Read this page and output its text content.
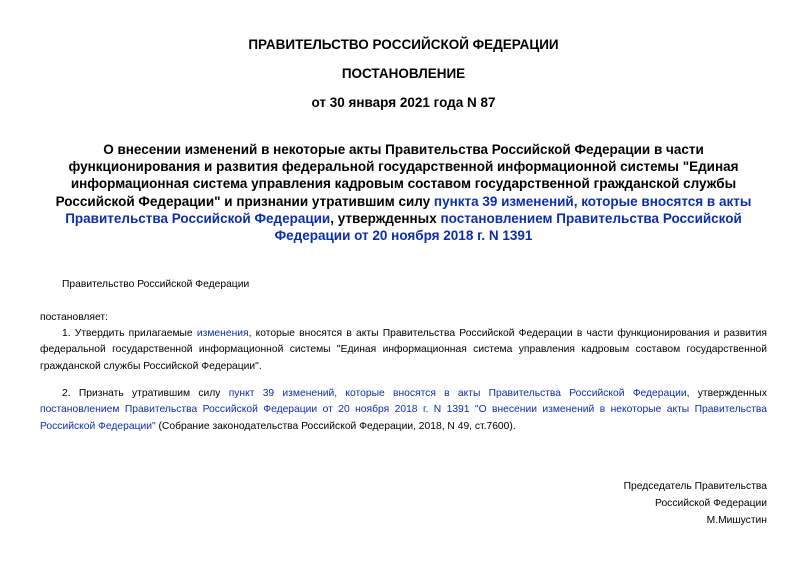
ПРАВИТЕЛЬСТВО РОССИЙСКОЙ ФЕДЕРАЦИИ
ПОСТАНОВЛЕНИЕ
от 30 января 2021 года N 87
О внесении изменений в некоторые акты Правительства Российской Федерации в части функционирования и развития федеральной государственной информационной системы "Единая информационная система управления кадровым составом государственной гражданской службы Российской Федерации" и признании утратившим силу пункта 39 изменений, которые вносятся в акты Правительства Российской Федерации, утвержденных постановлением Правительства Российской Федерации от 20 ноября 2018 г. N 1391
Правительство Российской Федерации
постановляет:
1. Утвердить прилагаемые изменения, которые вносятся в акты Правительства Российской Федерации в части функционирования и развития федеральной государственной информационной системы "Единая информационная система управления кадровым составом государственной гражданской службы Российской Федерации".
2. Признать утратившим силу пункт 39 изменений, которые вносятся в акты Правительства Российской Федерации, утвержденных постановлением Правительства Российской Федерации от 20 ноября 2018 г. N 1391 "О внесении изменений в некоторые акты Правительства Российской Федерации" (Собрание законодательства Российской Федерации, 2018, N 49, ст.7600).
Председатель Правительства
Российской Федерации
М.Мишустин
